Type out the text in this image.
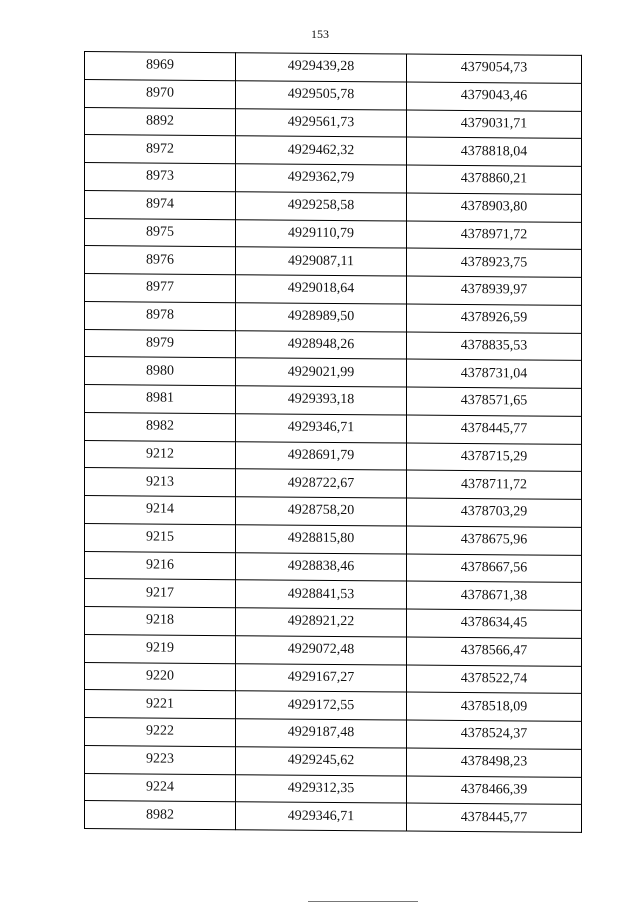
153
8969	4929439,28	4379054,73
8970	4929505,78	4379043,46
8892	4929561,73	4379031,71
8972	4929462,32	4378818,04
8973	4929362,79	4378860,21
8974	4929258,58	4378903,80
8975	4929110,79	4378971,72
8976	4929087,11	4378923,75
8977	4929018,64	4378939,97
8978	4928989,50	4378926,59
8979	4928948,26	4378835,53
8980	4929021,99	4378731,04
8981	4929393,18	4378571,65
8982	4929346,71	4378445,77
9212	4928691,79	4378715,29
9213	4928722,67	4378711,72
9214	4928758,20	4378703,29
9215	4928815,80	4378675,96
9216	4928838,46	4378667,56
9217	4928841,53	4378671,38
9218	4928921,22	4378634,45
9219	4929072,48	4378566,47
9220	4929167,27	4378522,74
9221	4929172,55	4378518,09
9222	4929187,48	4378524,37
9223	4929245,62	4378498,23
9224	4929312,35	4378466,39
8982	4929346,71	4378445,77
